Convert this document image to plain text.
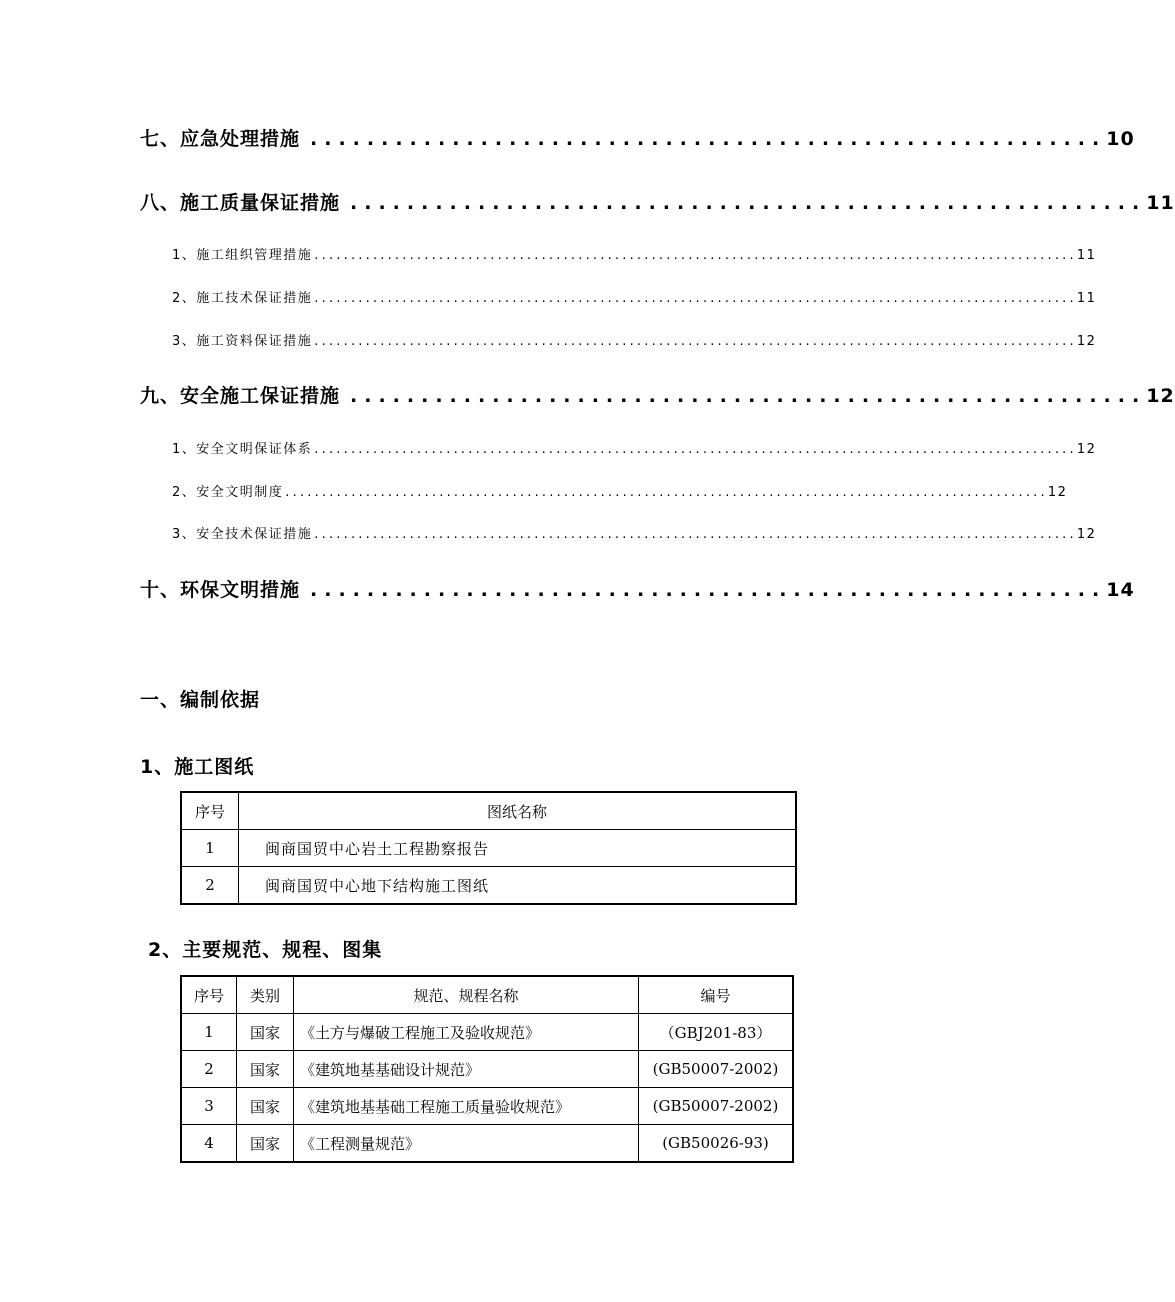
七、应急处理措施 ........................................................ 10
八、施工质量保证措施 ........................................................ 11
1、施工组织管理措施 ........................................................................................................ 11
2、施工技术保证措施 ........................................................................................................ 11
3、施工资料保证措施 ........................................................................................................ 12
九、安全施工保证措施 ........................................................ 12
1、安全文明保证体系 ........................................................................................................ 12
2、安全文明制度 ........................................................................................................ 12
3、安全技术保证措施 ........................................................................................................ 12
十、环保文明措施 ........................................................ 14
一、编制依据
1、施工图纸
序号	图纸名称
1	闽商国贸中心岩土工程勘察报告
2	闽商国贸中心地下结构施工图纸
2、主要规范、规程、图集
序号	类别	规范、规程名称	编号
1	国家	《土方与爆破工程施工及验收规范》	（GBJ201-83）
2	国家	《建筑地基基础设计规范》	(GB50007-2002)
3	国家	《建筑地基基础工程施工质量验收规范》	(GB50007-2002)
4	国家	《工程测量规范》	(GB50026-93)
